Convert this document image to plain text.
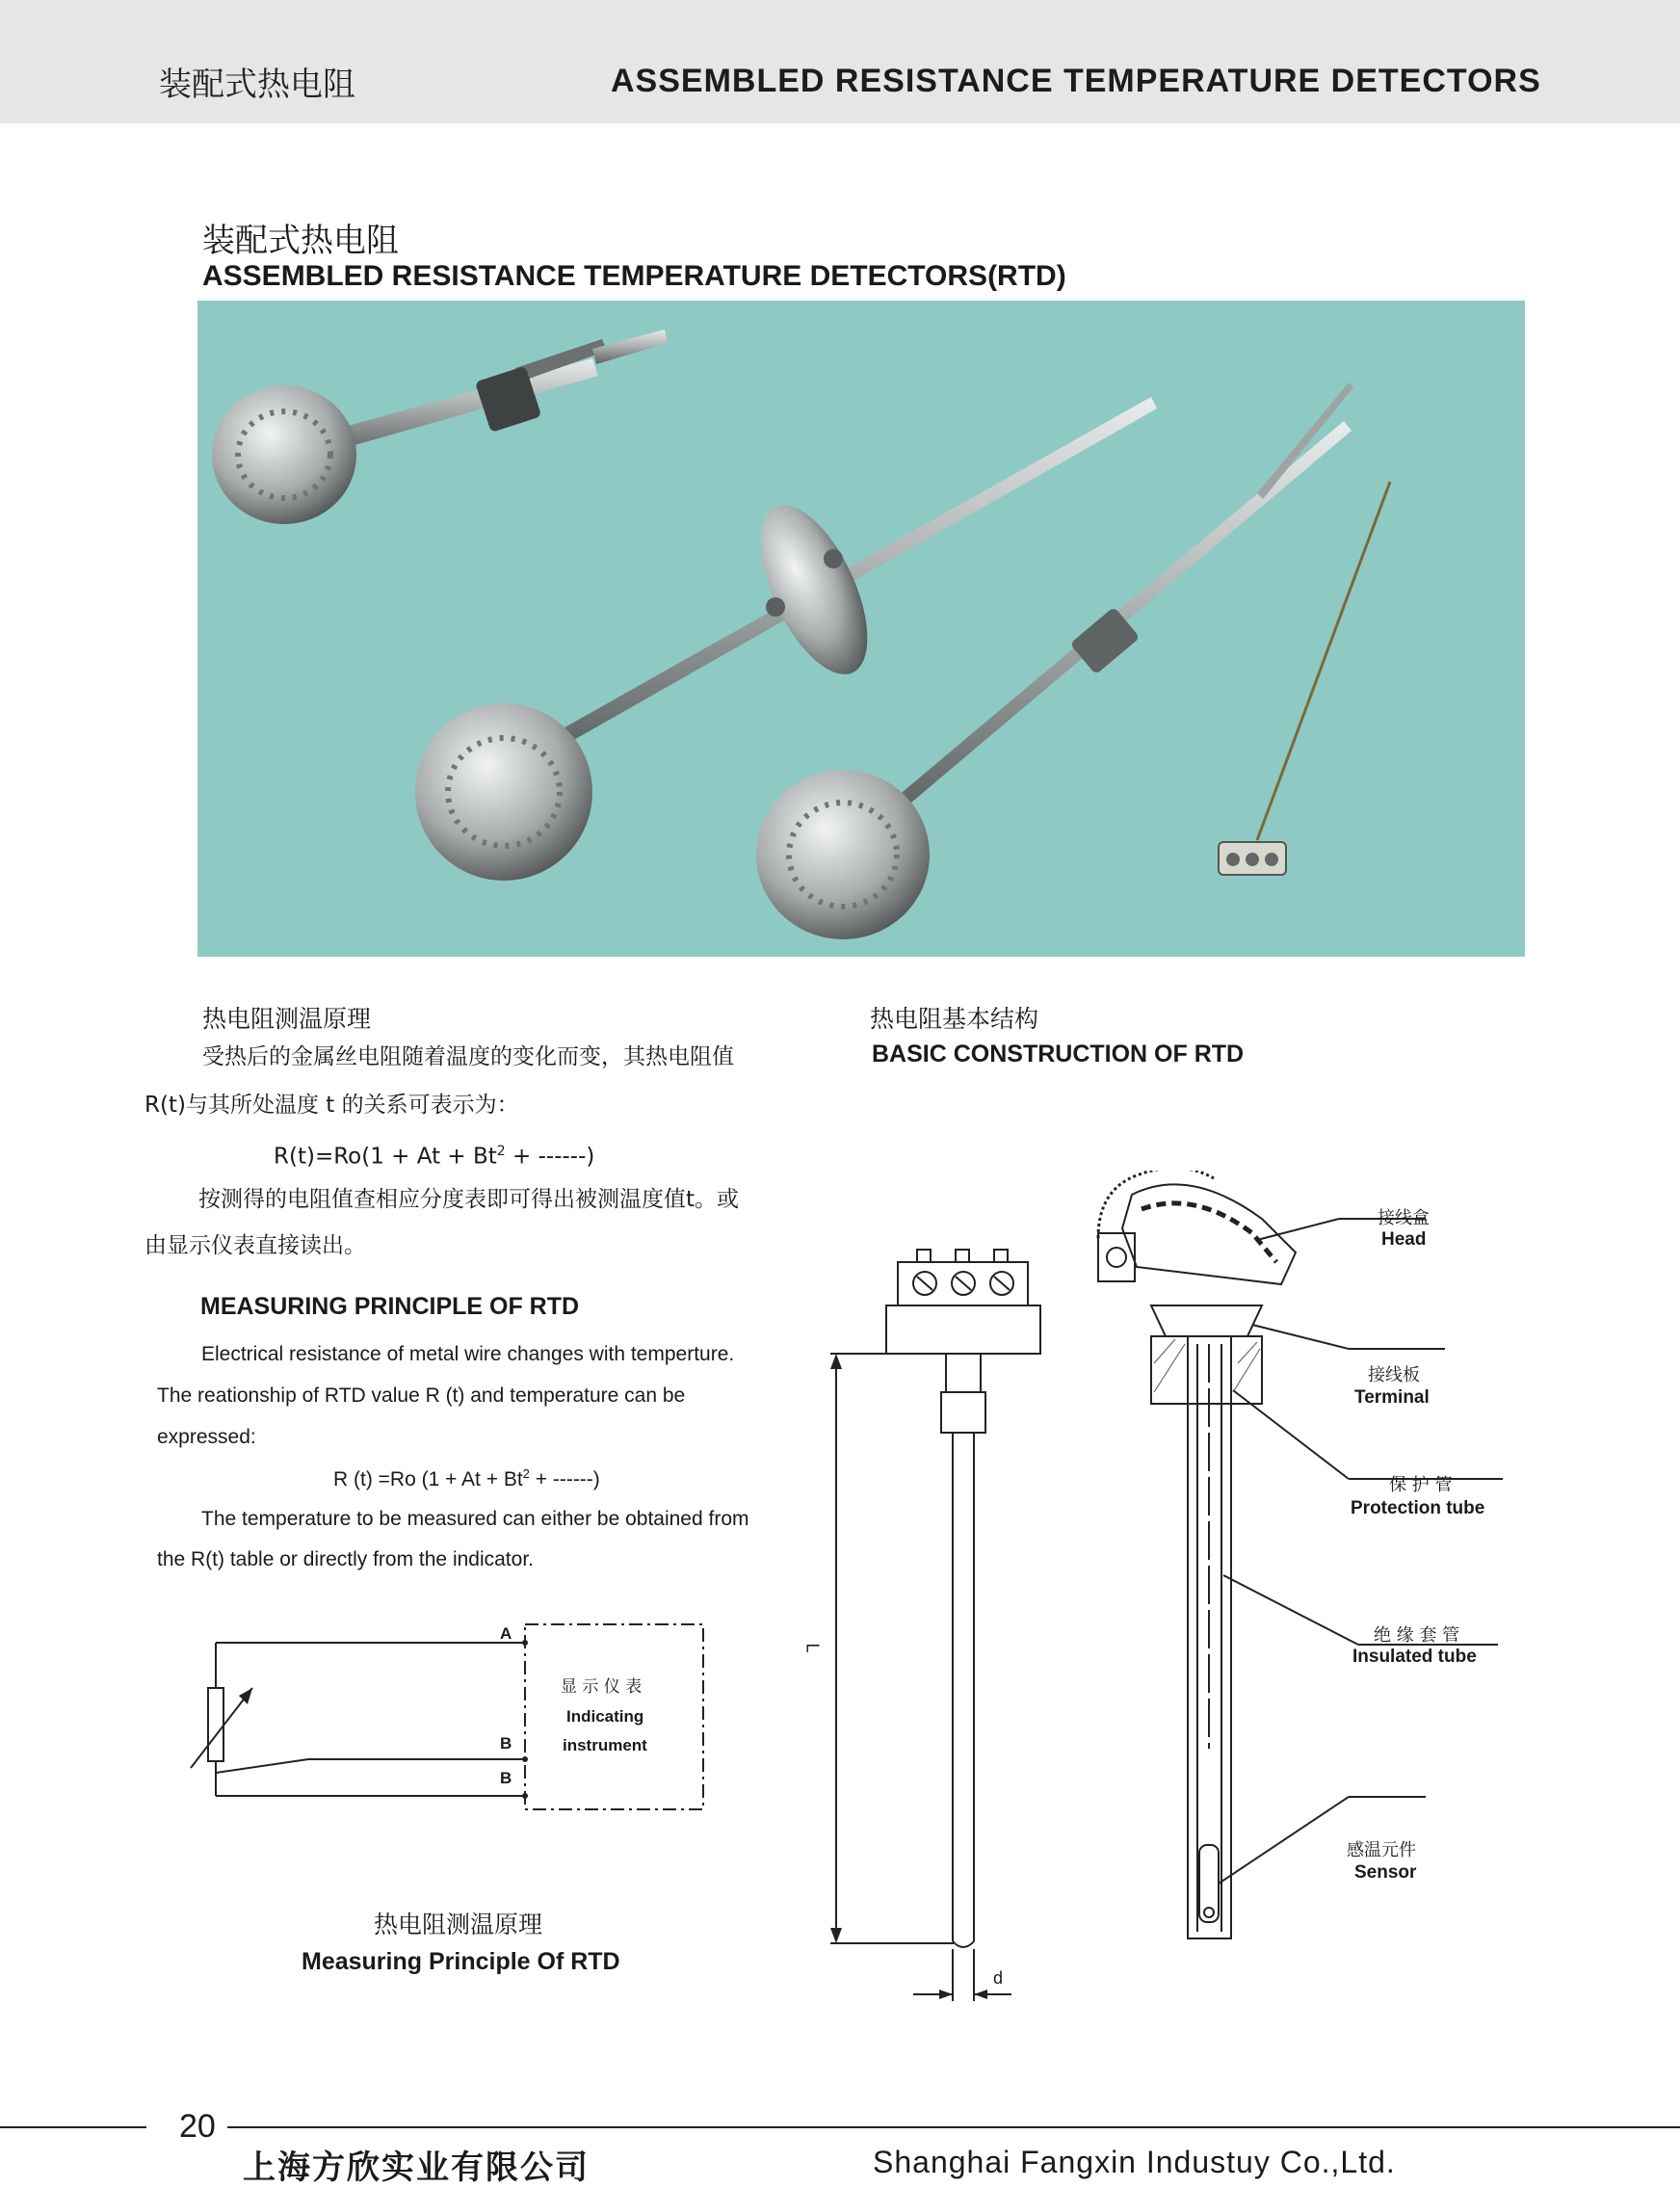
装配式热电阻	ASSEMBLED RESISTANCE TEMPERATURE DETECTORS
装配式热电阻
ASSEMBLED RESISTANCE TEMPERATURE DETECTORS(RTD)
热电阻测温原理
受热后的金属丝电阻随着温度的变化而变，其热电阻值
R(t)与其所处温度 t 的关系可表示为：
$R(t)=Ro(1 + At + Bt^2$ + ------)
按测得的电阻值查相应分度表即可得出被测温度值t。或
由显示仪表直接读出。
MEASURING PRINCIPLE OF RTD
Electrical resistance of metal wire changes with temperture.
The reationship of RTD value R (t) and temperature can be
expressed:
R (t) =Ro ($1 + At + Bt^2$ + ------)
The temperature to be measured can either be obtained from
the R(t) table or directly from the indicator.
A
B
B
显 示 仪 表
Indicating
instrument
热电阻测温原理
Measuring Principle Of RTD
热电阻基本结构
BASIC CONSTRUCTION OF RTD
L
d
接线盒
Head
接线板
Terminal
保 护 管
Protection tube
绝 缘 套 管
Insulated tube
感温元件
Sensor
20
上海方欣实业有限公司	Shanghai Fangxin Industuy Co.,Ltd.
